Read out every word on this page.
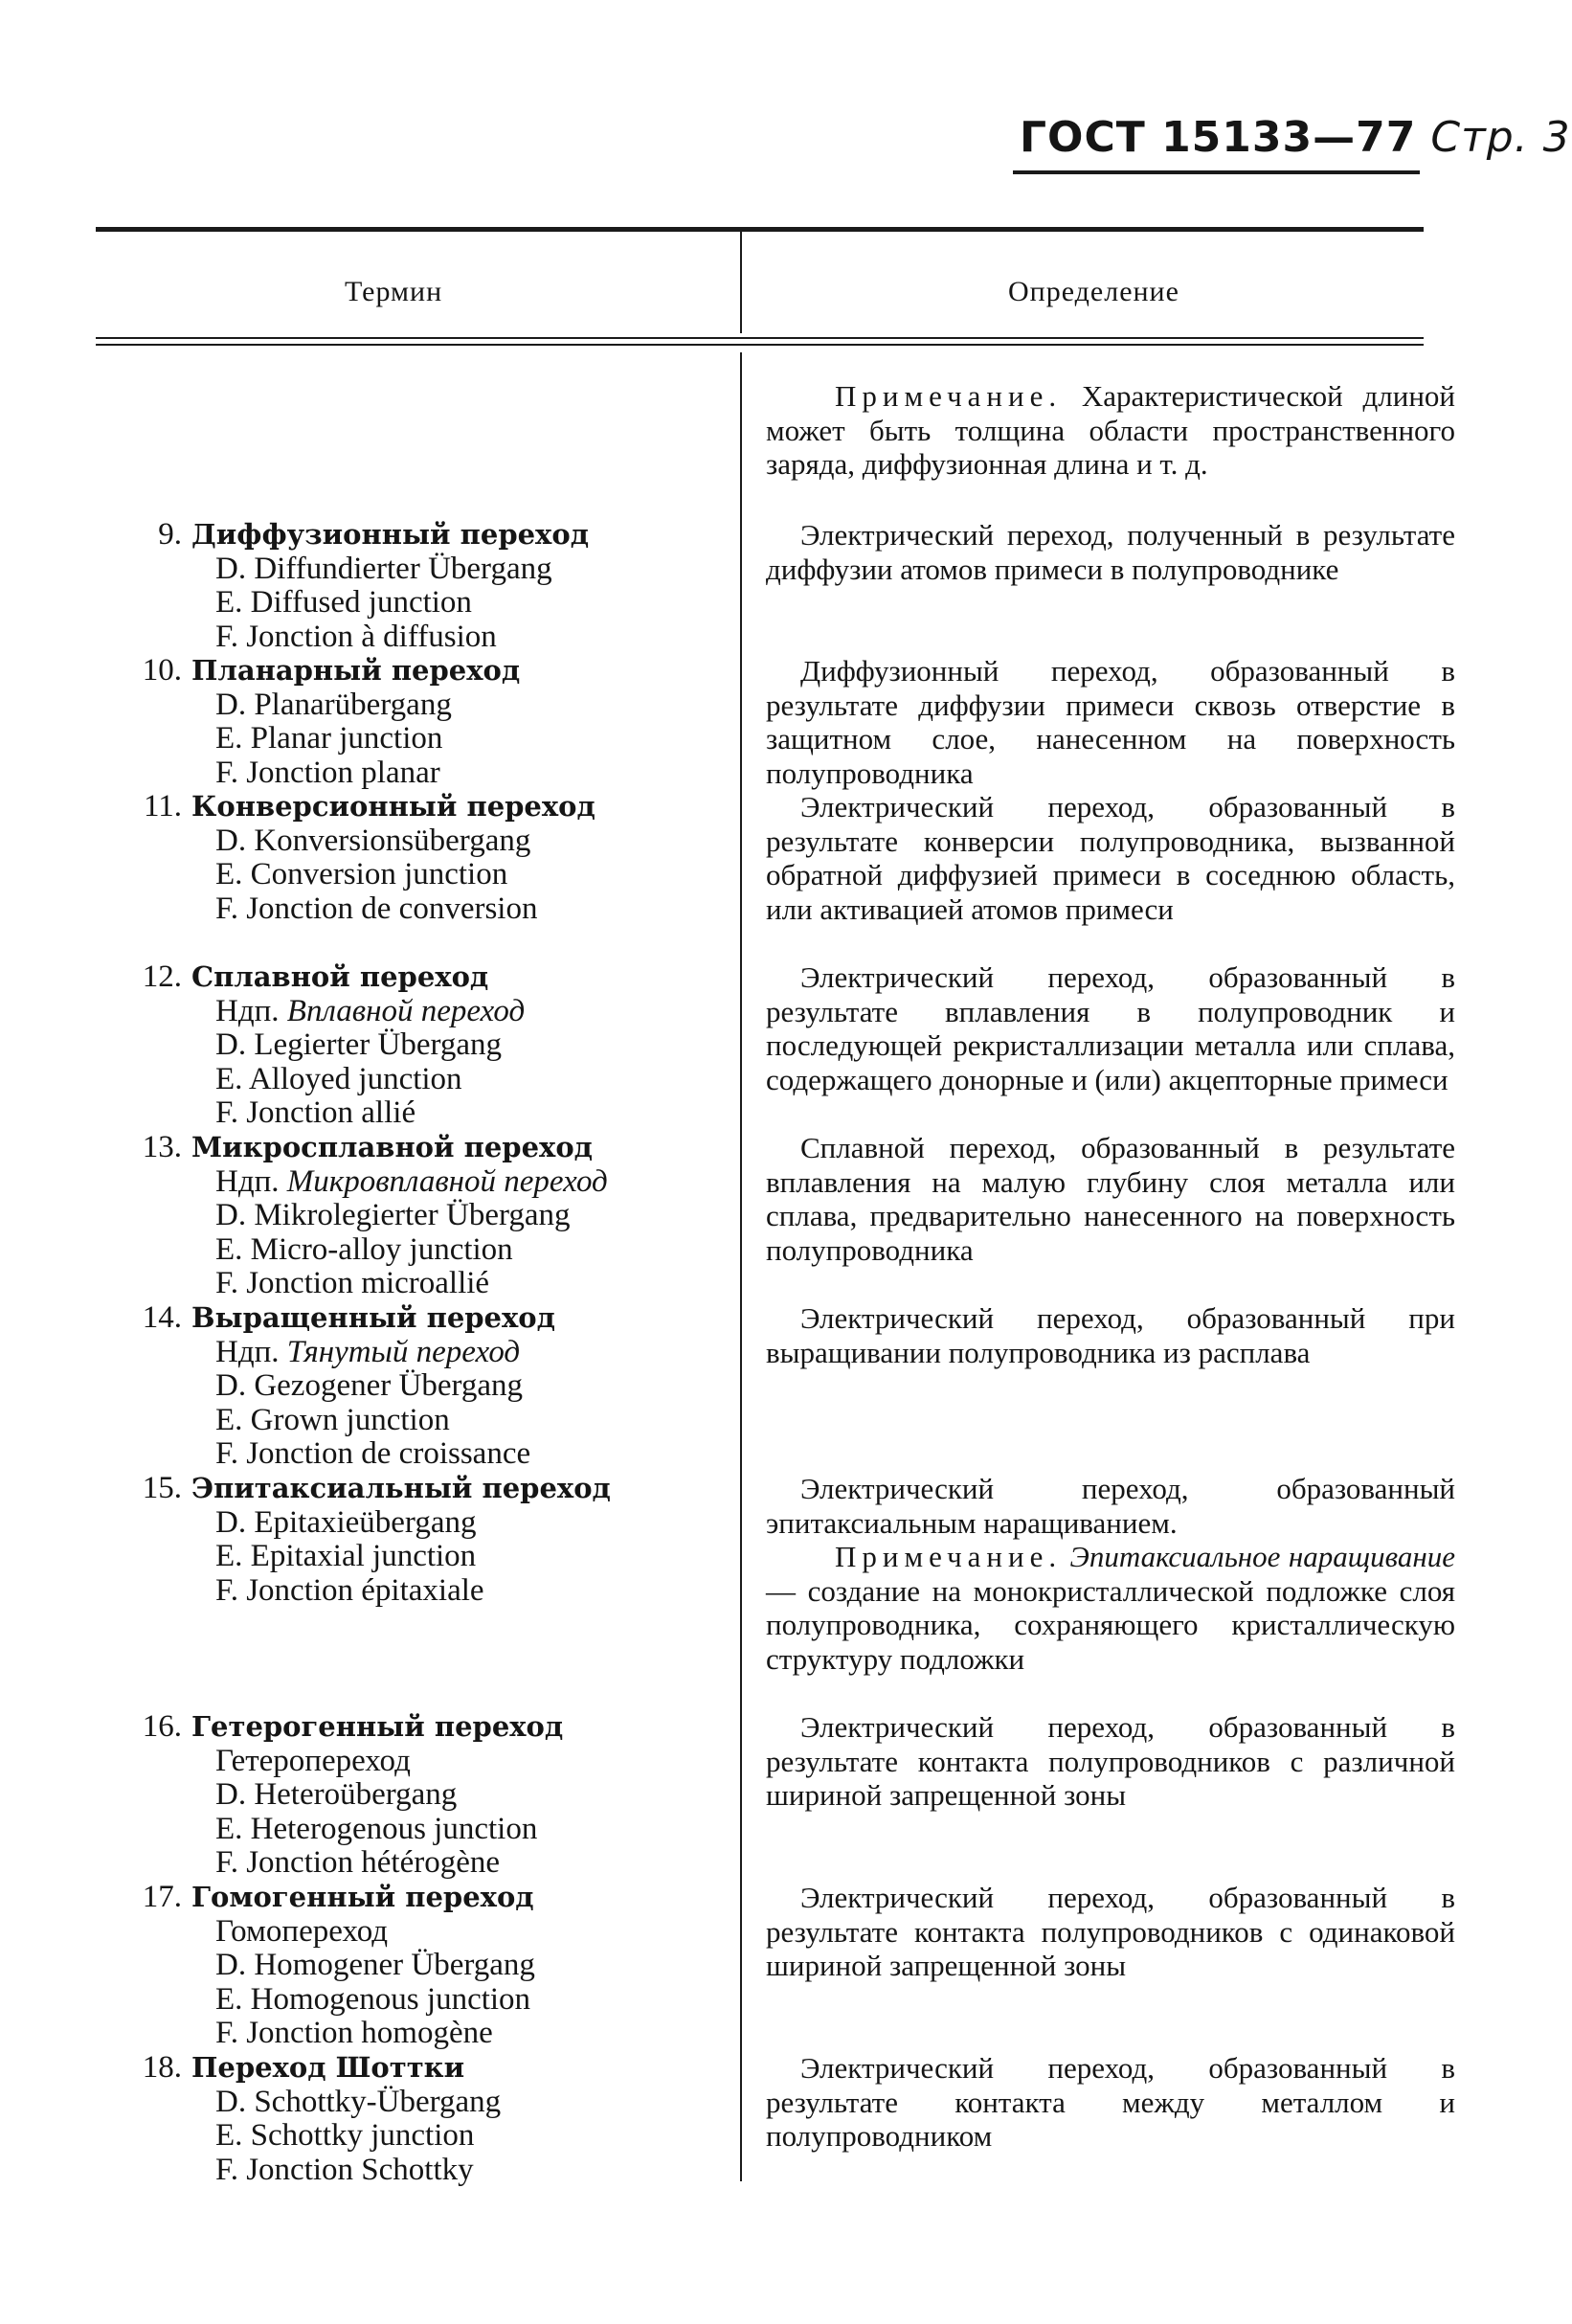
ГОСТ 15133—77 Стр. 3
Термин	Определение
Примечание. Характеристической длиной может быть толщина области пространственного заряда, диффузионная длина и т. д.
9. Диффузионный переход
D. Diffundierter Übergang
E. Diffused junction
F. Jonction à diffusion
Электрический переход, полученный в результате диффузии атомов примеси в полупроводнике
10. Планарный переход
D. Planarübergang
E. Planar junction
F. Jonction planar
Диффузионный переход, образованный в результате диффузии примеси сквозь отверстие в защитном слое, нанесенном на поверхность полупроводника
11. Конверсионный переход
D. Konversionsübergang
E. Conversion junction
F. Jonction de conversion
Электрический переход, образованный в результате конверсии полупроводника, вызванной обратной диффузией примеси в соседнюю область, или активацией атомов примеси
12. Сплавной переход
Ндп. Вплавной переход
D. Legierter Übergang
E. Alloyed junction
F. Jonction allié
Электрический переход, образованный в результате вплавления в полупроводник и последующей рекристаллизации металла или сплава, содержащего донорные и (или) акцепторные примеси
13. Микросплавной переход
Ндп. Микровплавной переход
D. Mikrolegierter Übergang
E. Micro-alloy junction
F. Jonction microallié
Сплавной переход, образованный в результате вплавления на малую глубину слоя металла или сплава, предварительно нанесенного на поверхность полупроводника
14. Выращенный переход
Ндп. Тянутый переход
D. Gezogener Übergang
E. Grown junction
F. Jonction de croissance
Электрический переход, образованный при выращивании полупроводника из расплава
15. Эпитаксиальный переход
D. Epitaxieübergang
E. Epitaxial junction
F. Jonction épitaxiale
Электрический переход, образованный эпитаксиальным наращиванием.
Примечание. Эпитаксиальное наращивание— создание на монокристаллической подложке слоя полупроводника, сохраняющего кристаллическую структуру подложки
16. Гетерогенный переход
Гетеропереход
D. Heteroübergang
E. Heterogenous junction
F. Jonction hétérogène
Электрический переход, образованный в результате контакта полупроводников с различной шириной запрещенной зоны
17. Гомогенный переход
Гомопереход
D. Homogener Übergang
E. Homogenous junction
F. Jonction homogène
Электрический переход, образованный в результате контакта полупроводников с одинаковой шириной запрещенной зоны
18. Переход Шоттки
D. Schottky-Übergang
E. Schottky junction
F. Jonction Schottky
Электрический переход, образованный в результате контакта между металлом и полупроводником
